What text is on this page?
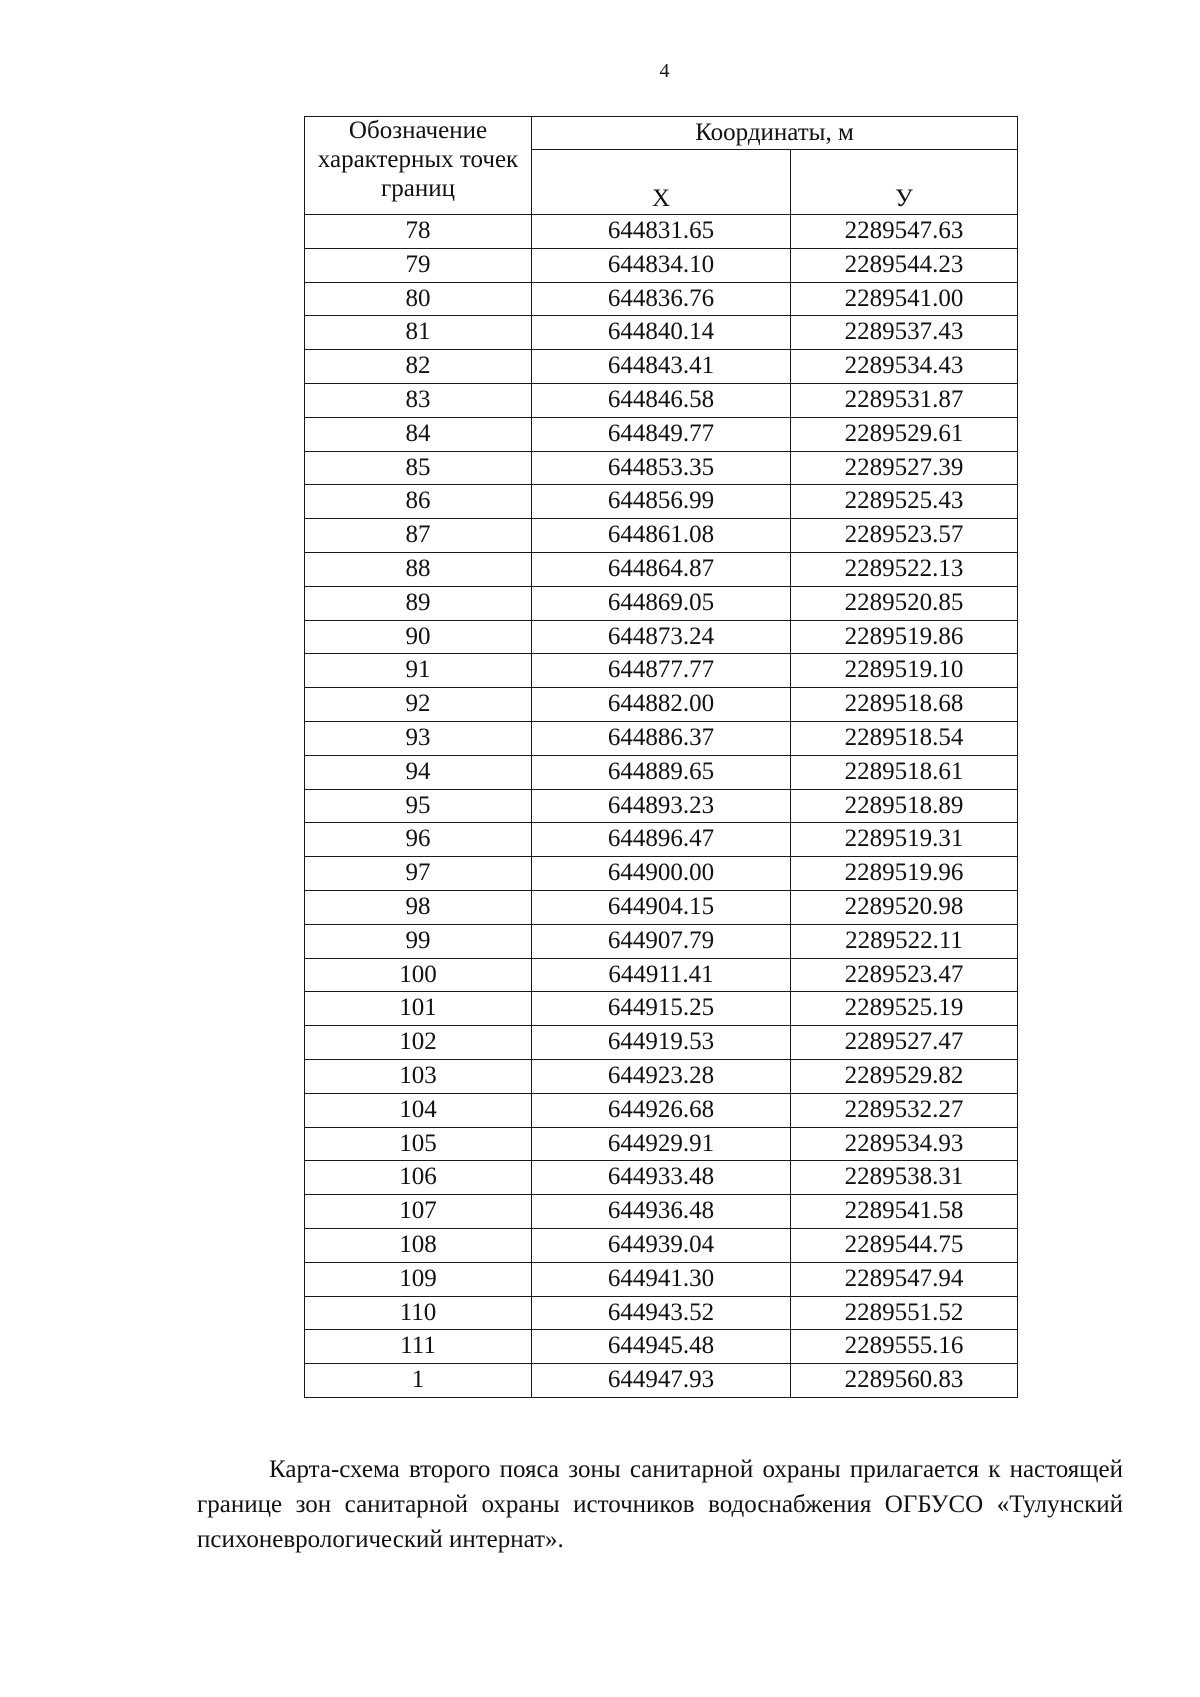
4
Обозначение характерных точек границ	Координаты, м	
	Х	У
78	644831.65	2289547.63
79	644834.10	2289544.23
80	644836.76	2289541.00
81	644840.14	2289537.43
82	644843.41	2289534.43
83	644846.58	2289531.87
84	644849.77	2289529.61
85	644853.35	2289527.39
86	644856.99	2289525.43
87	644861.08	2289523.57
88	644864.87	2289522.13
89	644869.05	2289520.85
90	644873.24	2289519.86
91	644877.77	2289519.10
92	644882.00	2289518.68
93	644886.37	2289518.54
94	644889.65	2289518.61
95	644893.23	2289518.89
96	644896.47	2289519.31
97	644900.00	2289519.96
98	644904.15	2289520.98
99	644907.79	2289522.11
100	644911.41	2289523.47
101	644915.25	2289525.19
102	644919.53	2289527.47
103	644923.28	2289529.82
104	644926.68	2289532.27
105	644929.91	2289534.93
106	644933.48	2289538.31
107	644936.48	2289541.58
108	644939.04	2289544.75
109	644941.30	2289547.94
110	644943.52	2289551.52
111	644945.48	2289555.16
1	644947.93	2289560.83

Карта-схема второго пояса зоны санитарной охраны прилагается к настоящей границе зон санитарной охраны источников водоснабжения ОГБУСО «Тулунский психоневрологический интернат».
